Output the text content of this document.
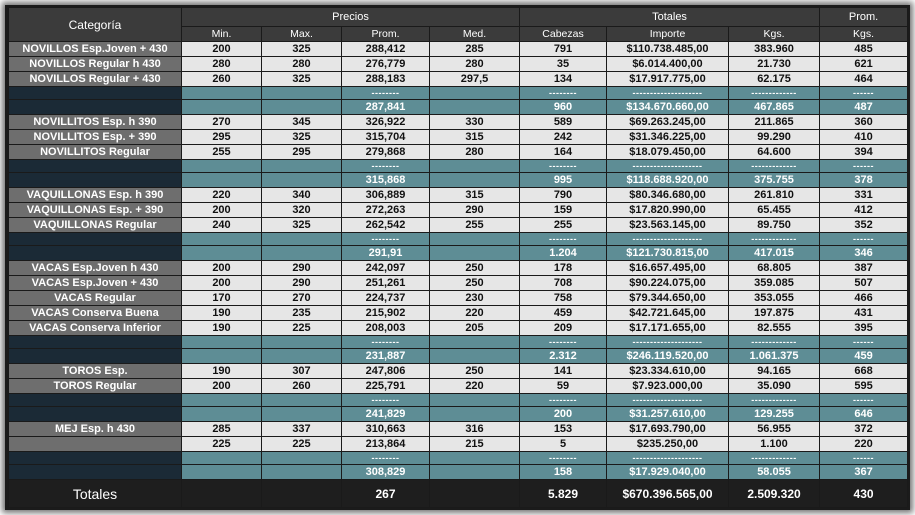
Categoría	Precios				Totales			Prom.
	Min.	Max.	Prom.	Med.	Cabezas	Importe	Kgs.	Kgs.
NOVILLOS Esp.Joven + 430	200	325	288,412	285	791	$110.738.485,00	383.960	485
NOVILLOS Regular h 430	280	280	276,779	280	35	$6.014.400,00	21.730	621
NOVILLOS Regular + 430	260	325	288,183	297,5	134	$17.917.775,00	62.175	464
			--------		--------	--------------------	-------------	------
			287,841		960	$134.670.660,00	467.865	487
NOVILLITOS Esp. h 390	270	345	326,922	330	589	$69.263.245,00	211.865	360
NOVILLITOS Esp. + 390	295	325	315,704	315	242	$31.346.225,00	99.290	410
NOVILLITOS Regular	255	295	279,868	280	164	$18.079.450,00	64.600	394
			--------		--------	--------------------	-------------	------
			315,868		995	$118.688.920,00	375.755	378
VAQUILLONAS Esp. h 390	220	340	306,889	315	790	$80.346.680,00	261.810	331
VAQUILLONAS Esp. + 390	200	320	272,263	290	159	$17.820.990,00	65.455	412
VAQUILLONAS Regular	240	325	262,542	255	255	$23.563.145,00	89.750	352
			--------		--------	--------------------	-------------	------
			291,91		1.204	$121.730.815,00	417.015	346
VACAS Esp.Joven h 430	200	290	242,097	250	178	$16.657.495,00	68.805	387
VACAS Esp.Joven + 430	200	290	251,261	250	708	$90.224.075,00	359.085	507
VACAS Regular	170	270	224,737	230	758	$79.344.650,00	353.055	466
VACAS Conserva Buena	190	235	215,902	220	459	$42.721.645,00	197.875	431
VACAS Conserva Inferior	190	225	208,003	205	209	$17.171.655,00	82.555	395
			--------		--------	--------------------	-------------	------
			231,887		2.312	$246.119.520,00	1.061.375	459
TOROS Esp.	190	307	247,806	250	141	$23.334.610,00	94.165	668
TOROS Regular	200	260	225,791	220	59	$7.923.000,00	35.090	595
			--------		--------	--------------------	-------------	------
			241,829		200	$31.257.610,00	129.255	646
MEJ Esp. h 430	285	337	310,663	316	153	$17.693.790,00	56.955	372
	225	225	213,864	215	5	$235.250,00	1.100	220
			--------		--------	--------------------	-------------	------
			308,829		158	$17.929.040,00	58.055	367
Totales			267		5.829	$670.396.565,00	2.509.320	430
